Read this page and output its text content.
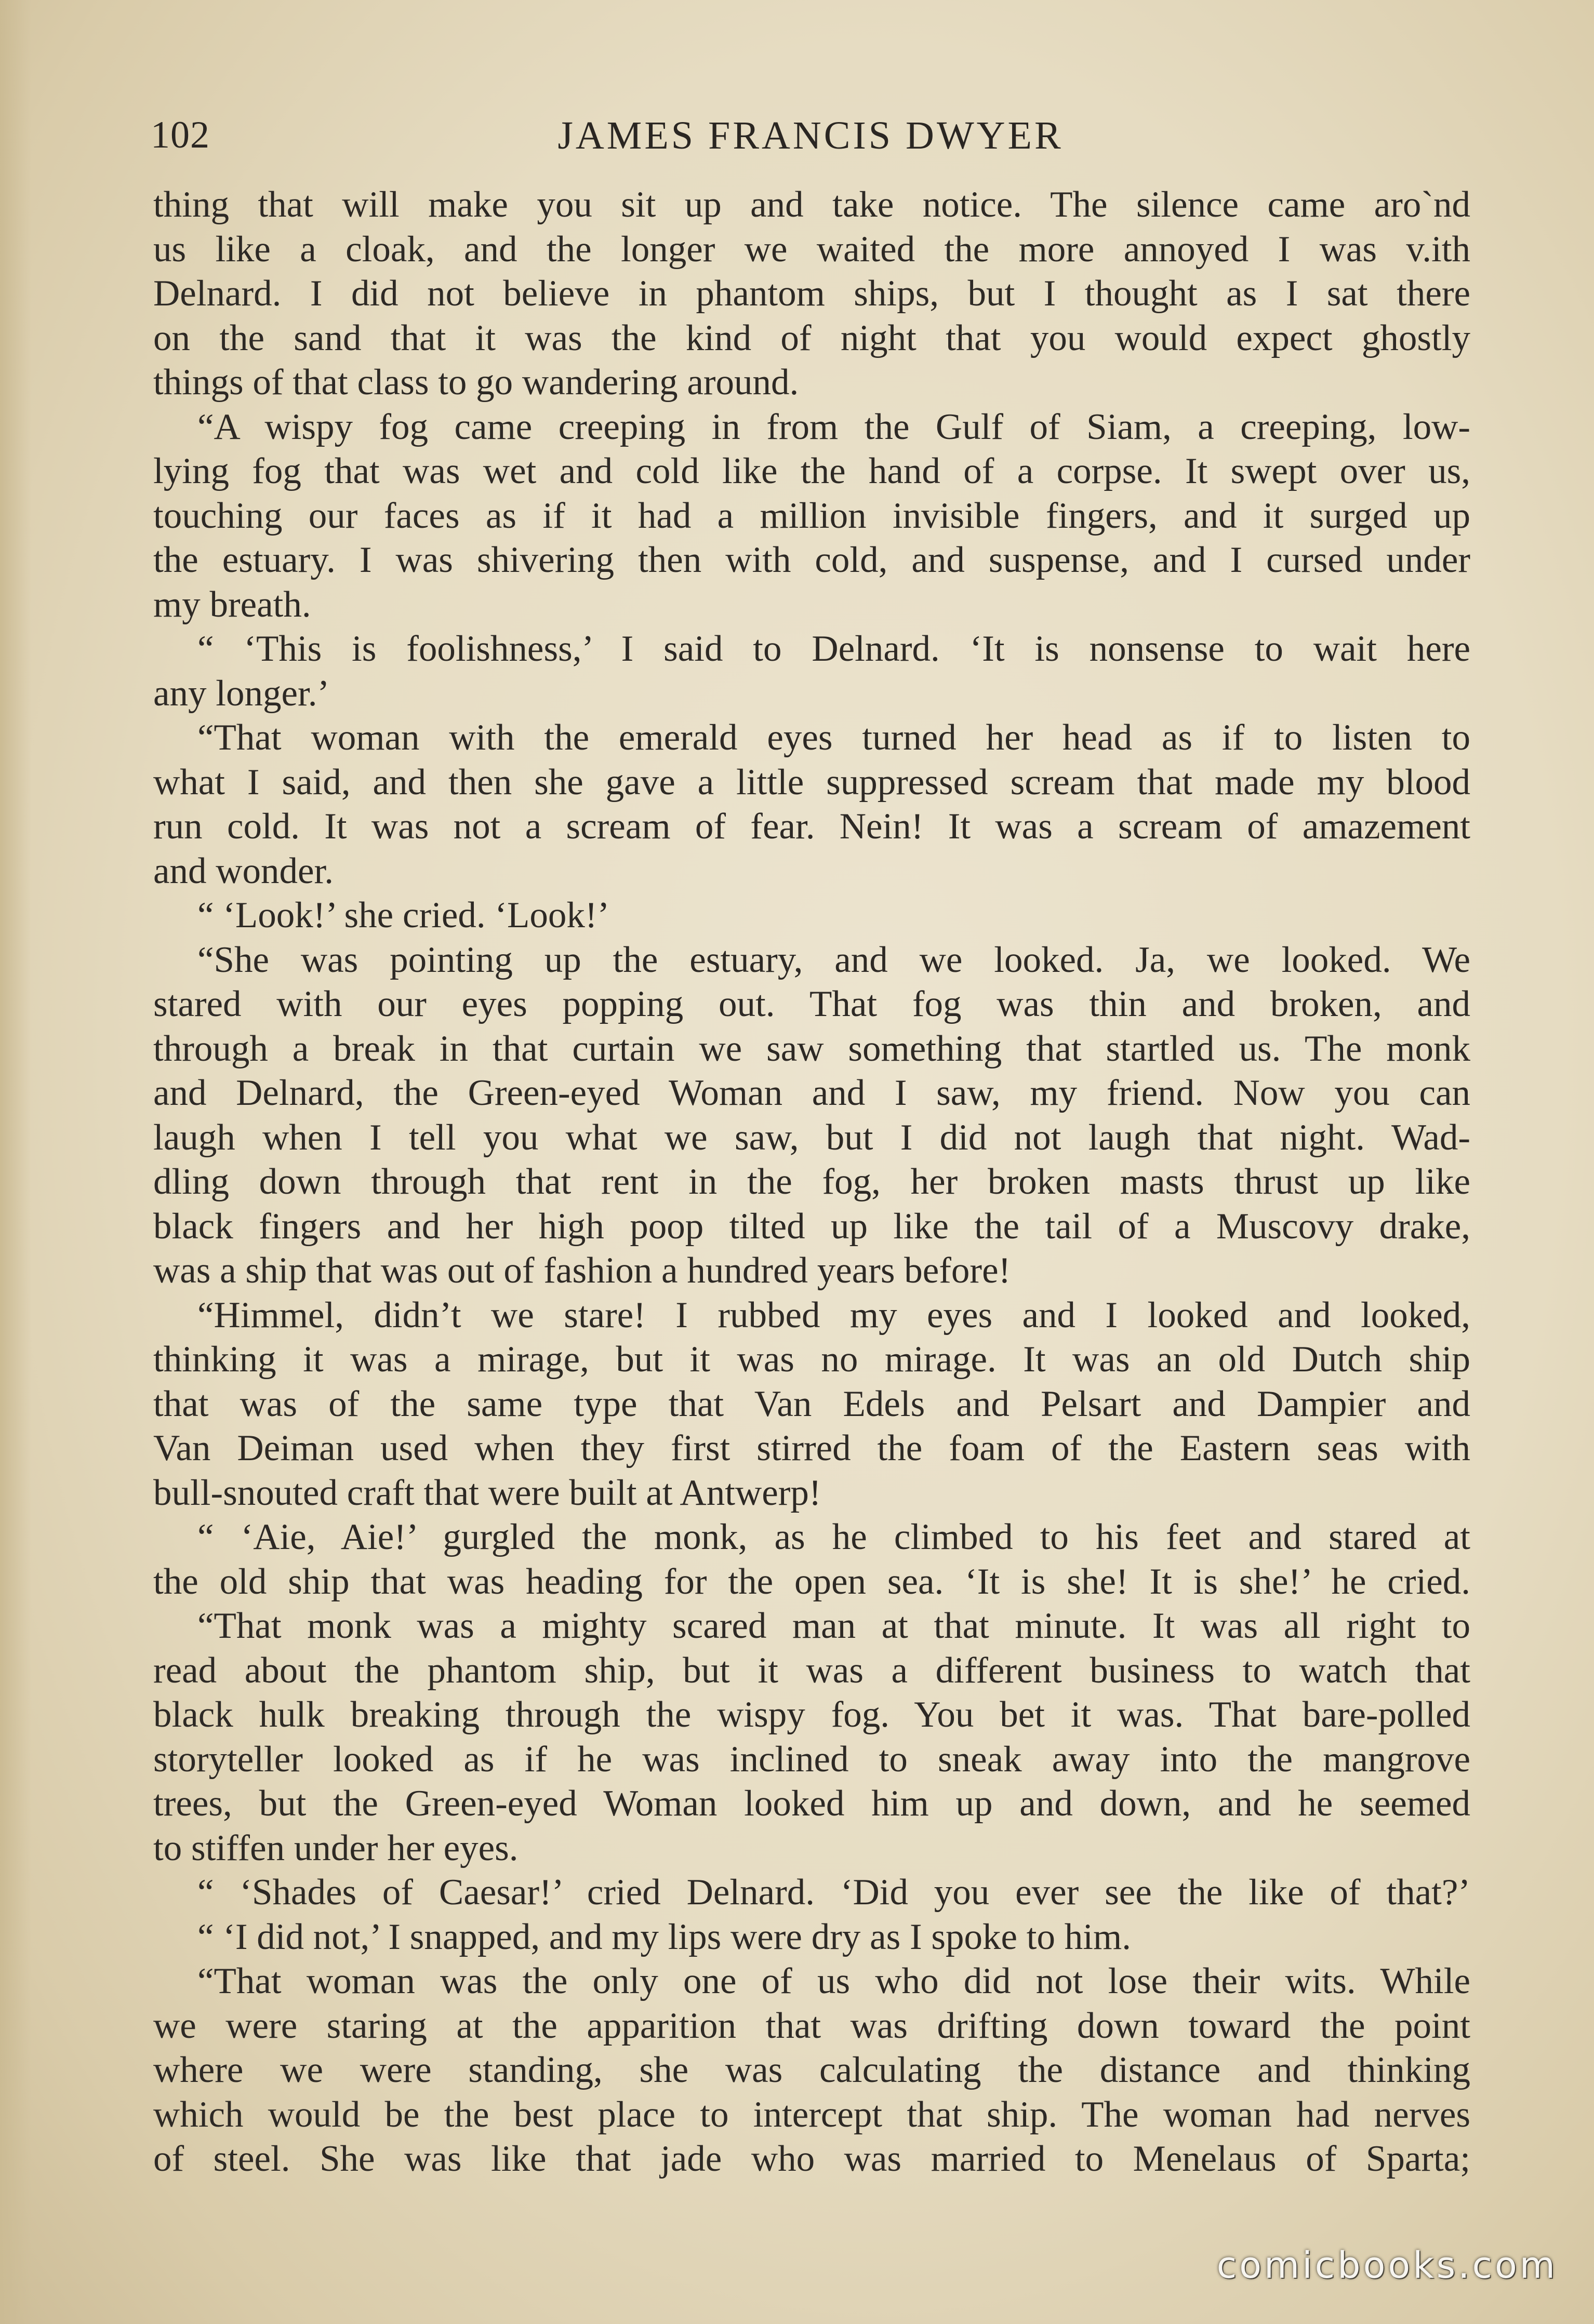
102	JAMES FRANCIS DWYER
thing that will make you sit up and take notice. The silence came aro`nd
us like a cloak, and the longer we waited the more annoyed I was v.ith
Delnard. I did not believe in phantom ships, but I thought as I sat there
on the sand that it was the kind of night that you would expect ghostly
things of that class to go wandering around.
“A wispy fog came creeping in from the Gulf of Siam, a creeping, low-
lying fog that was wet and cold like the hand of a corpse. It swept over us,
touching our faces as if it had a million invisible fingers, and it surged up
the estuary. I was shivering then with cold, and suspense, and I cursed under
my breath.
“ ‘This is foolishness,’ I said to Delnard. ‘It is nonsense to wait here
any longer.’
“That woman with the emerald eyes turned her head as if to listen to
what I said, and then she gave a little suppressed scream that made my blood
run cold. It was not a scream of fear. Nein! It was a scream of amazement
and wonder.
“ ‘Look!’ she cried. ‘Look!’
“She was pointing up the estuary, and we looked. Ja, we looked. We
stared with our eyes popping out. That fog was thin and broken, and
through a break in that curtain we saw something that startled us. The monk
and Delnard, the Green-eyed Woman and I saw, my friend. Now you can
laugh when I tell you what we saw, but I did not laugh that night. Wad-
dling down through that rent in the fog, her broken masts thrust up like
black fingers and her high poop tilted up like the tail of a Muscovy drake,
was a ship that was out of fashion a hundred years before!
“Himmel, didn’t we stare! I rubbed my eyes and I looked and looked,
thinking it was a mirage, but it was no mirage. It was an old Dutch ship
that was of the same type that Van Edels and Pelsart and Dampier and
Van Deiman used when they first stirred the foam of the Eastern seas with
bull-snouted craft that were built at Antwerp!
“ ‘Aie, Aie!’ gurgled the monk, as he climbed to his feet and stared at
the old ship that was heading for the open sea. ‘It is she! It is she!’ he cried.
“That monk was a mighty scared man at that minute. It was all right to
read about the phantom ship, but it was a different business to watch that
black hulk breaking through the wispy fog. You bet it was. That bare-polled
storyteller looked as if he was inclined to sneak away into the mangrove
trees, but the Green-eyed Woman looked him up and down, and he seemed
to stiffen under her eyes.
“ ‘Shades of Caesar!’ cried Delnard. ‘Did you ever see the like of that?’
“ ‘I did not,’ I snapped, and my lips were dry as I spoke to him.
“That woman was the only one of us who did not lose their wits. While
we were staring at the apparition that was drifting down toward the point
where we were standing, she was calculating the distance and thinking
which would be the best place to intercept that ship. The woman had nerves
of steel. She was like that jade who was married to Menelaus of Sparta;
comicbooks.com
